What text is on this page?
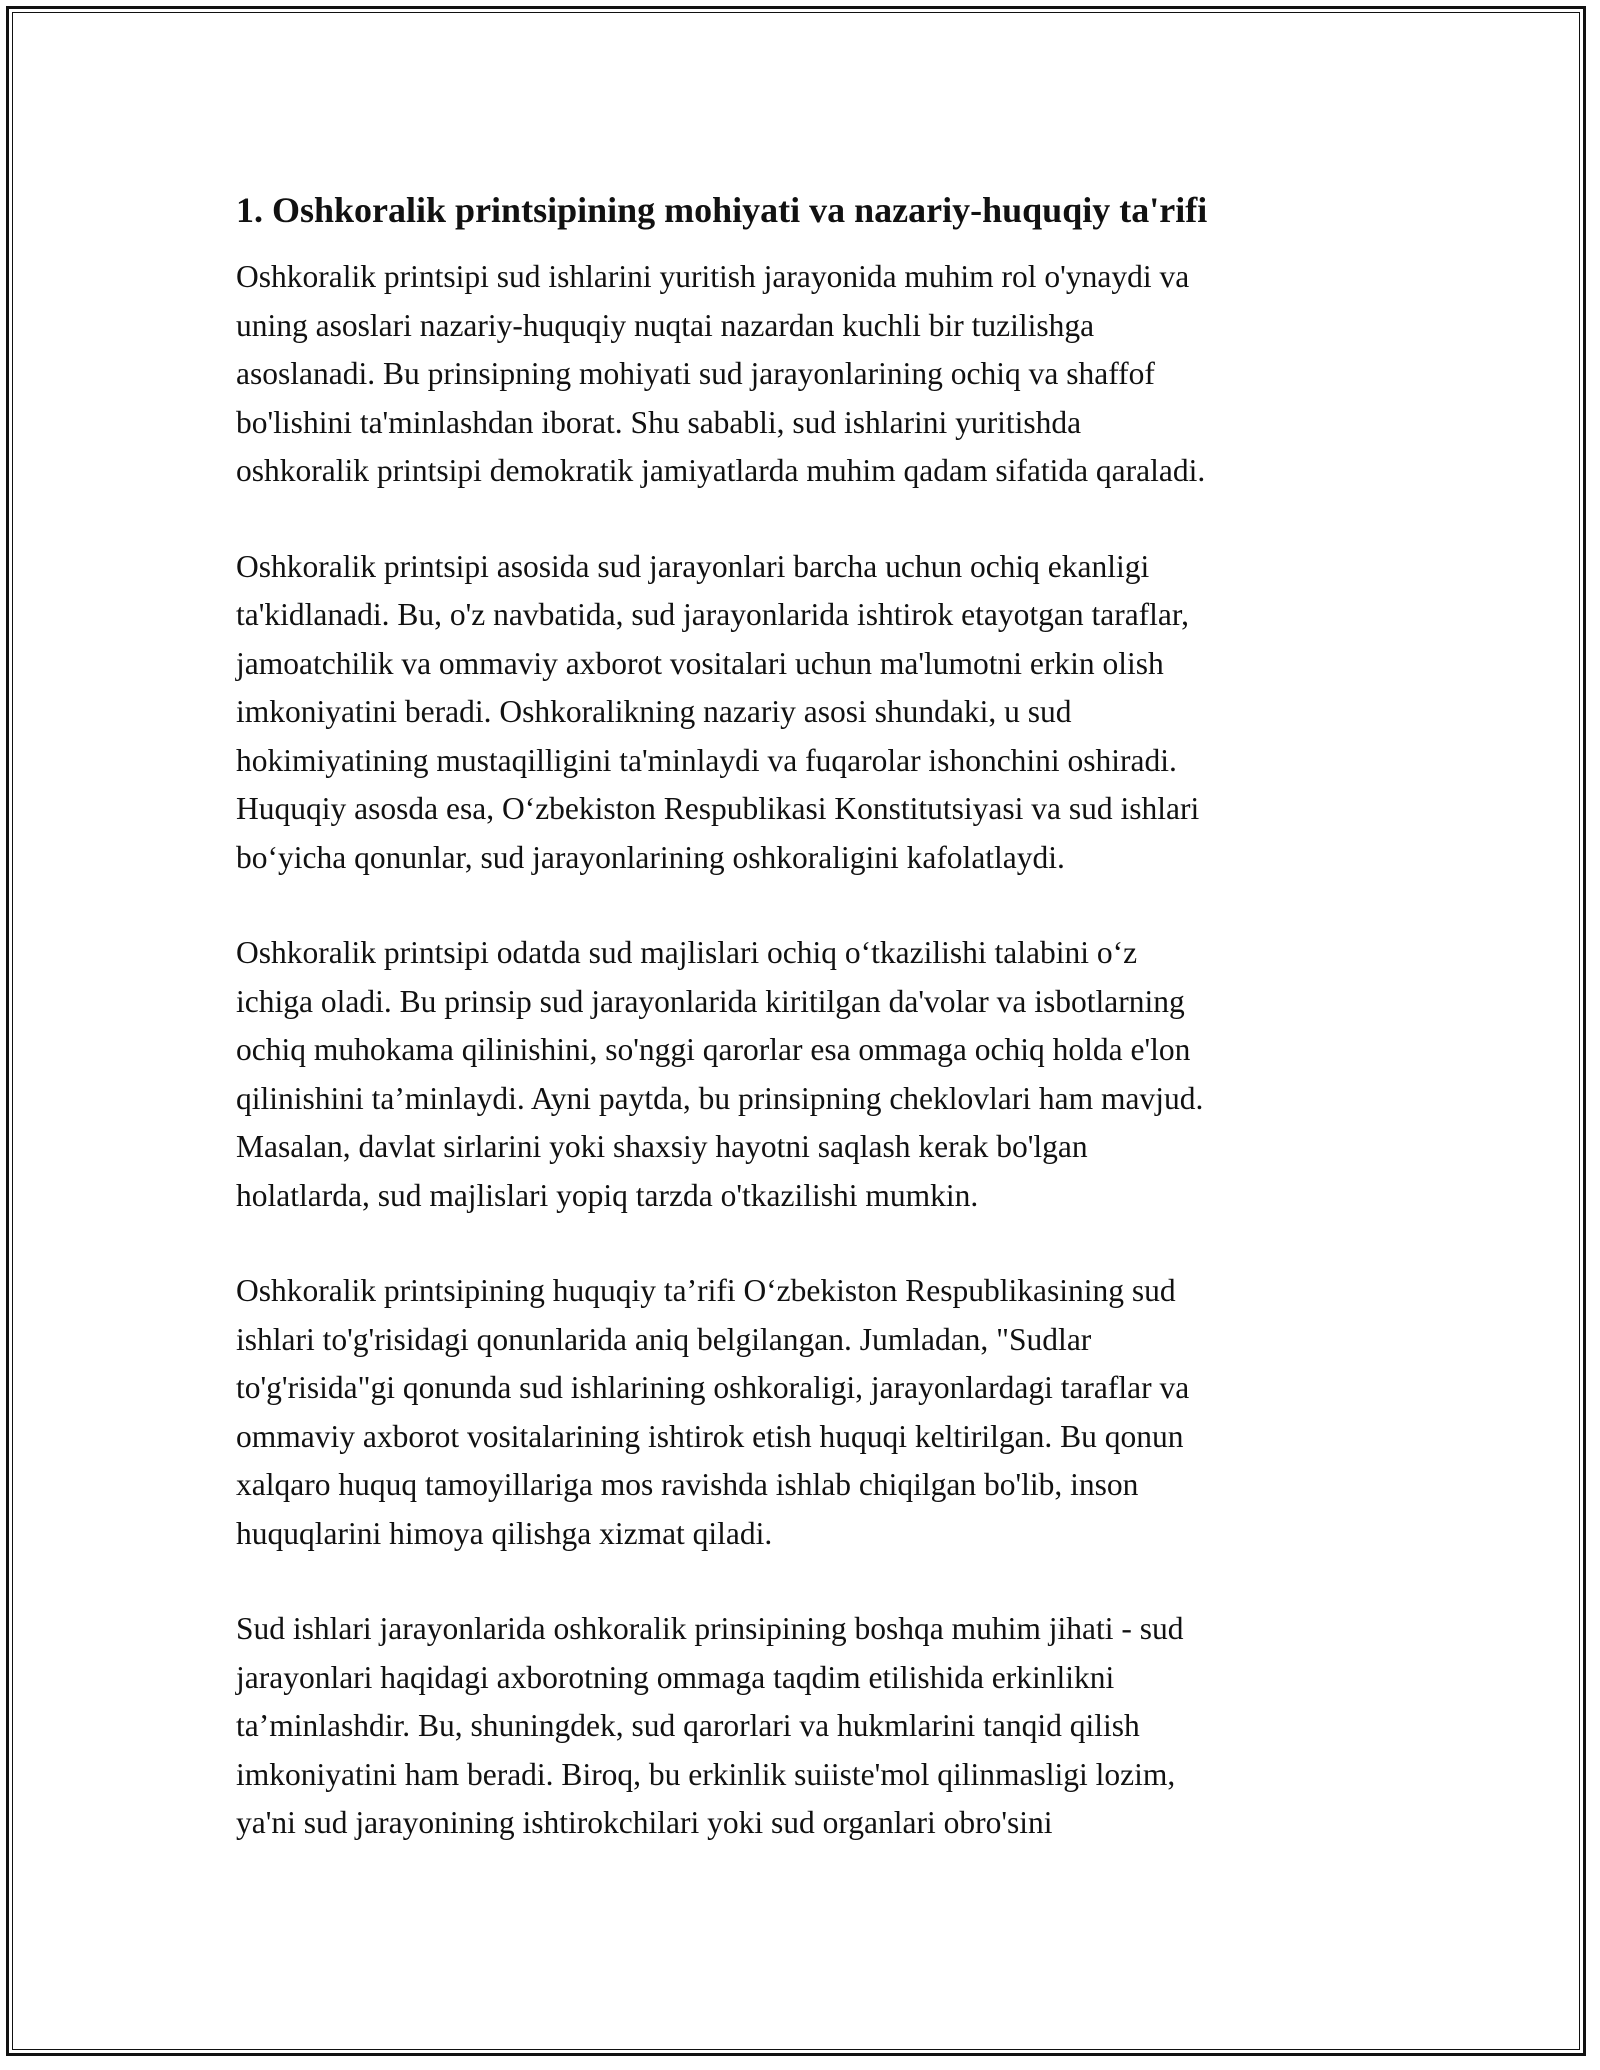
1. Oshkoralik printsipining mohiyati va nazariy-huquqiy ta'rifi
Oshkoralik printsipi sud ishlarini yuritish jarayonida muhim rol o'ynaydi va
uning asoslari nazariy-huquqiy nuqtai nazardan kuchli bir tuzilishga
asoslanadi. Bu prinsipning mohiyati sud jarayonlarining ochiq va shaffof
bo'lishini ta'minlashdan iborat. Shu sababli, sud ishlarini yuritishda
oshkoralik printsipi demokratik jamiyatlarda muhim qadam sifatida qaraladi.
Oshkoralik printsipi asosida sud jarayonlari barcha uchun ochiq ekanligi
ta'kidlanadi. Bu, o'z navbatida, sud jarayonlarida ishtirok etayotgan taraflar,
jamoatchilik va ommaviy axborot vositalari uchun ma'lumotni erkin olish
imkoniyatini beradi. Oshkoralikning nazariy asosi shundaki, u sud
hokimiyatining mustaqilligini ta'minlaydi va fuqarolar ishonchini oshiradi.
Huquqiy asosda esa, O‘zbekiston Respublikasi Konstitutsiyasi va sud ishlari
bo‘yicha qonunlar, sud jarayonlarining oshkoraligini kafolatlaydi.
Oshkoralik printsipi odatda sud majlislari ochiq o‘tkazilishi talabini o‘z
ichiga oladi. Bu prinsip sud jarayonlarida kiritilgan da'volar va isbotlarning
ochiq muhokama qilinishini, so'nggi qarorlar esa ommaga ochiq holda e'lon
qilinishini ta’minlaydi. Ayni paytda, bu prinsipning cheklovlari ham mavjud.
Masalan, davlat sirlarini yoki shaxsiy hayotni saqlash kerak bo'lgan
holatlarda, sud majlislari yopiq tarzda o'tkazilishi mumkin.
Oshkoralik printsipining huquqiy ta’rifi O‘zbekiston Respublikasining sud
ishlari to'g'risidagi qonunlarida aniq belgilangan. Jumladan, "Sudlar
to'g'risida"gi qonunda sud ishlarining oshkoraligi, jarayonlardagi taraflar va
ommaviy axborot vositalarining ishtirok etish huquqi keltirilgan. Bu qonun
xalqaro huquq tamoyillariga mos ravishda ishlab chiqilgan bo'lib, inson
huquqlarini himoya qilishga xizmat qiladi.
Sud ishlari jarayonlarida oshkoralik prinsipining boshqa muhim jihati - sud
jarayonlari haqidagi axborotning ommaga taqdim etilishida erkinlikni
ta’minlashdir. Bu, shuningdek, sud qarorlari va hukmlarini tanqid qilish
imkoniyatini ham beradi. Biroq, bu erkinlik suiiste'mol qilinmasligi lozim,
ya'ni sud jarayonining ishtirokchilari yoki sud organlari obro'sini
